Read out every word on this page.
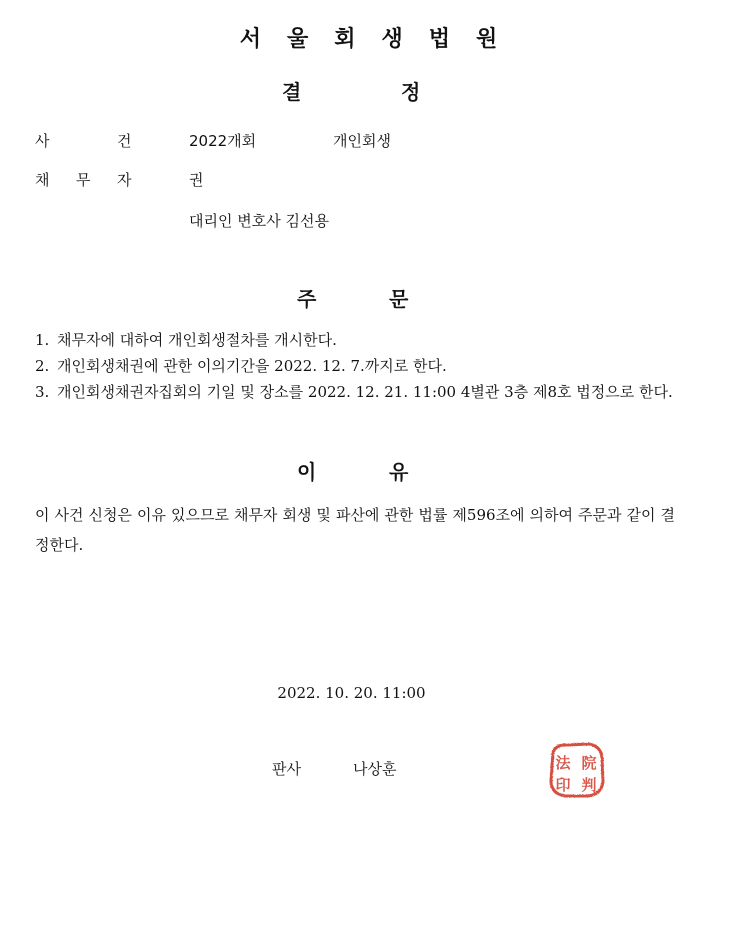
서 울 회 생 법 원
결	정
사	건	2022개회	개인회생
채 무 자	권
대리인 변호사 김선용
주	문
1. 채무자에 대하여 개인회생절차를 개시한다.
2. 개인회생채권에 관한 이의기간을 2022. 12. 7.까지로 한다.
3. 개인회생채권자집회의 기일 및 장소를 2022. 12. 21. 11:00 4별관 3층 제8호 법정으로 한다.
이	유
이 사건 신청은 이유 있으므로 채무자 회생 및 파산에 관한 법률 제596조에 의하여 주문과 같이 결정한다.
2022. 10. 20. 11:00
판사	나상훈	法 院
印 判
